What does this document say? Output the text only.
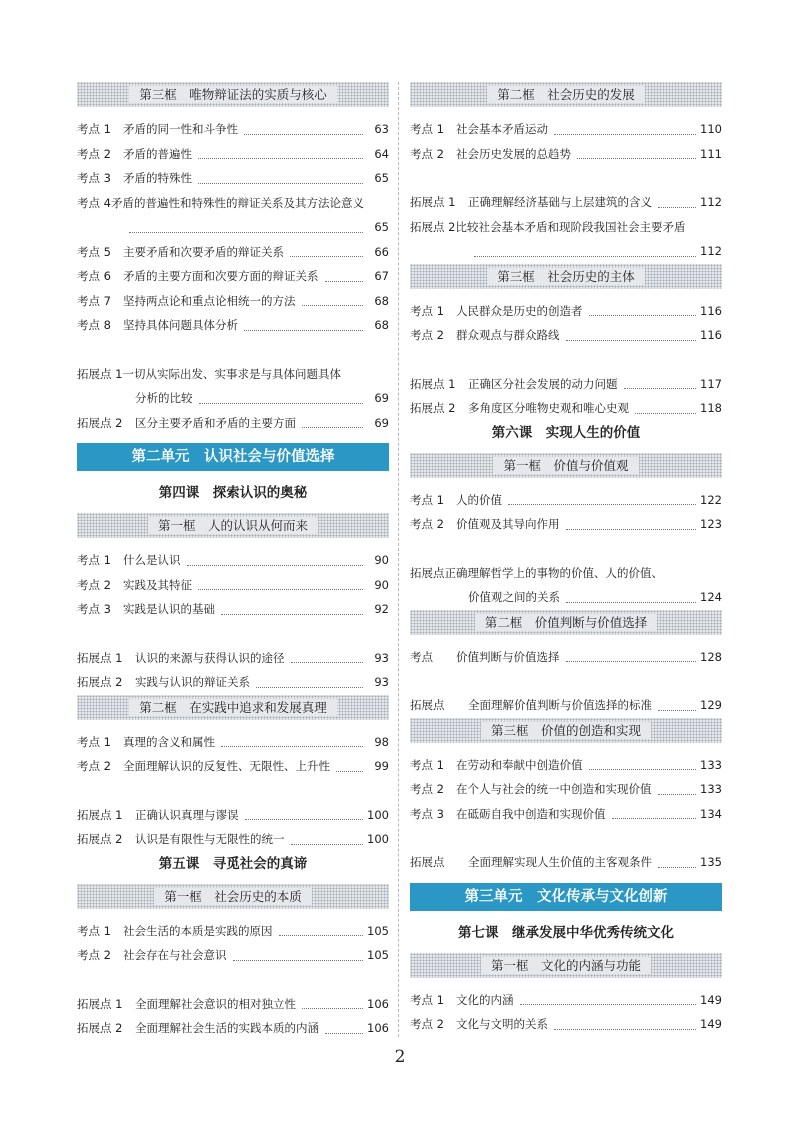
第三框　唯物辩证法的实质与核心
考点 1	矛盾的同一性和斗争性	63
考点 2	矛盾的普遍性	64
考点 3	矛盾的特殊性	65
考点 4 矛盾的普遍性和特殊性的辩证关系及其方法论意义
65
考点 5	主要矛盾和次要矛盾的辩证关系	66
考点 6	矛盾的主要方面和次要方面的辩证关系	67
考点 7	坚持两点论和重点论相统一的方法	68
考点 8	坚持具体问题具体分析	68
拓展点 1 一切从实际出发、实事求是与具体问题具体
分析的比较	69
拓展点 2	区分主要矛盾和矛盾的主要方面	69
第二单元　认识社会与价值选择
第四课　探索认识的奥秘
第一框　人的认识从何而来
考点 1	什么是认识	90
考点 2	实践及其特征	90
考点 3	实践是认识的基础	92
拓展点 1	认识的来源与获得认识的途径	93
拓展点 2	实践与认识的辩证关系	93
第二框　在实践中追求和发展真理
考点 1	真理的含义和属性	98
考点 2	全面理解认识的反复性、无限性、上升性	99
拓展点 1	正确认识真理与谬误	100
拓展点 2	认识是有限性与无限性的统一	100
第五课　寻觅社会的真谛
第一框　社会历史的本质
考点 1	社会生活的本质是实践的原因	105
考点 2	社会存在与社会意识	105
拓展点 1	全面理解社会意识的相对独立性	106
拓展点 2	全面理解社会生活的实践本质的内涵	106
第二框　社会历史的发展
考点 1	社会基本矛盾运动	110
考点 2	社会历史发展的总趋势	111
拓展点 1	正确理解经济基础与上层建筑的含义	112
拓展点 2 比较社会基本矛盾和现阶段我国社会主要矛盾
112
第三框　社会历史的主体
考点 1	人民群众是历史的创造者	116
考点 2	群众观点与群众路线	116
拓展点 1	正确区分社会发展的动力问题	117
拓展点 2	多角度区分唯物史观和唯心史观	118
第六课　实现人生的价值
第一框　价值与价值观
考点 1	人的价值	122
考点 2	价值观及其导向作用	123
拓展点 正确理解哲学上的事物的价值、人的价值、
价值观之间的关系	124
第二框　价值判断与价值选择
考点	价值判断与价值选择	128
拓展点	全面理解价值判断与价值选择的标准	129
第三框　价值的创造和实现
考点 1	在劳动和奉献中创造价值	133
考点 2	在个人与社会的统一中创造和实现价值	133
考点 3	在砥砺自我中创造和实现价值	134
拓展点	全面理解实现人生价值的主客观条件	135
第三单元　文化传承与文化创新
第七课　继承发展中华优秀传统文化
第一框　文化的内涵与功能
考点 1	文化的内涵	149
考点 2	文化与文明的关系	149
2
